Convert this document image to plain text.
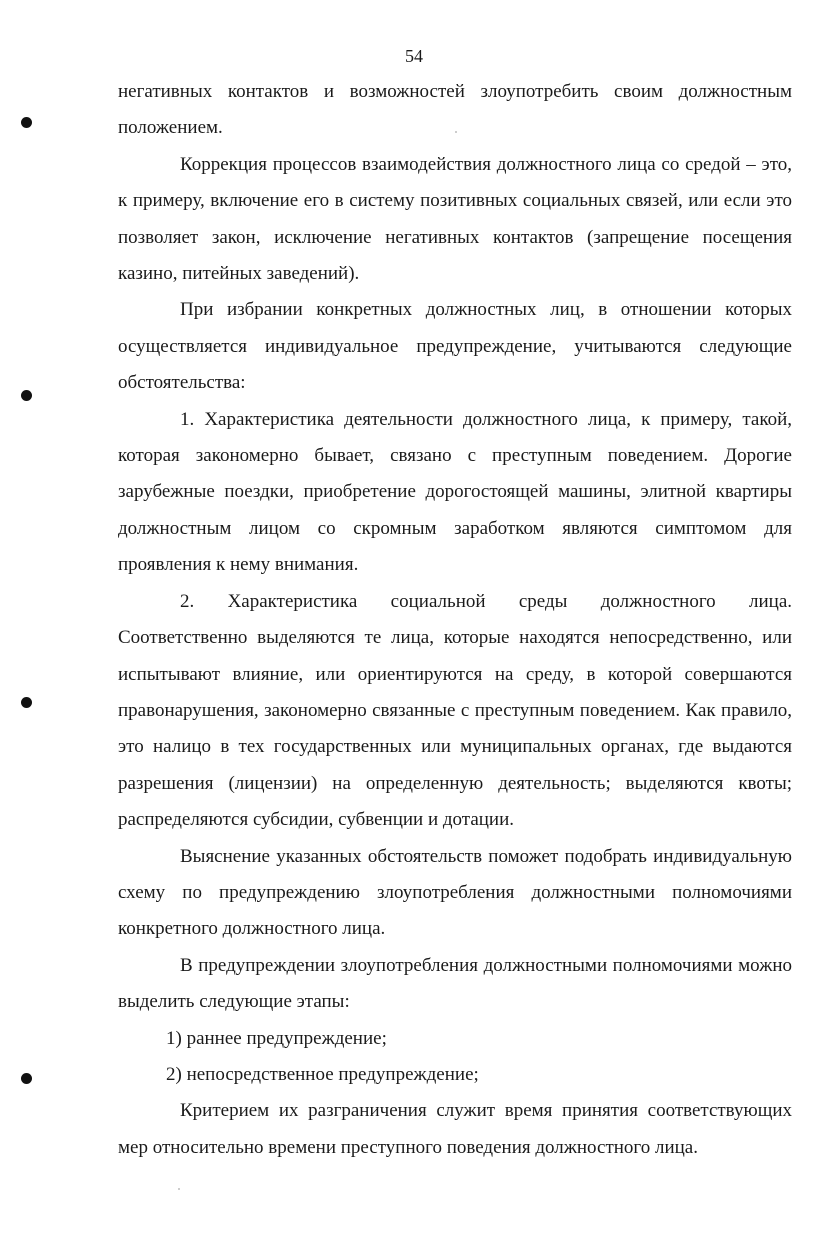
54

негативных контактов и возможностей злоупотребить своим должностным положением.

Коррекция процессов взаимодействия должностного лица со средой – это, к примеру, включение его в систему позитивных социальных связей, или если это позволяет закон, исключение негативных контактов (запрещение посещения казино, питейных заведений).

При избрании конкретных должностных лиц, в отношении которых осуществляется индивидуальное предупреждение, учитываются следующие обстоятельства:

1. Характеристика деятельности должностного лица, к примеру, такой, которая закономерно бывает, связано с преступным поведением. Дорогие зарубежные поездки, приобретение дорогостоящей машины, элитной квартиры должностным лицом со скромным заработком являются симптомом для проявления к нему внимания.

2. Характеристика социальной среды должностного лица.

Соответственно выделяются те лица, которые находятся непосредственно, или испытывают влияние, или ориентируются на среду, в которой совершаются правонарушения, закономерно связанные с преступным поведением. Как правило, это налицо в тех государственных или муниципальных органах, где выдаются разрешения (лицензии) на определенную деятельность; выделяются квоты; распределяются субсидии, субвенции и дотации.

Выяснение указанных обстоятельств поможет подобрать индивидуальную схему по предупреждению злоупотребления должностными полномочиями конкретного должностного лица.

В предупреждении злоупотребления должностными полномочиями можно выделить следующие этапы:

1) раннее предупреждение;

2) непосредственное предупреждение;

Критерием их разграничения служит время принятия соответствующих мер относительно времени преступного поведения должностного лица.
